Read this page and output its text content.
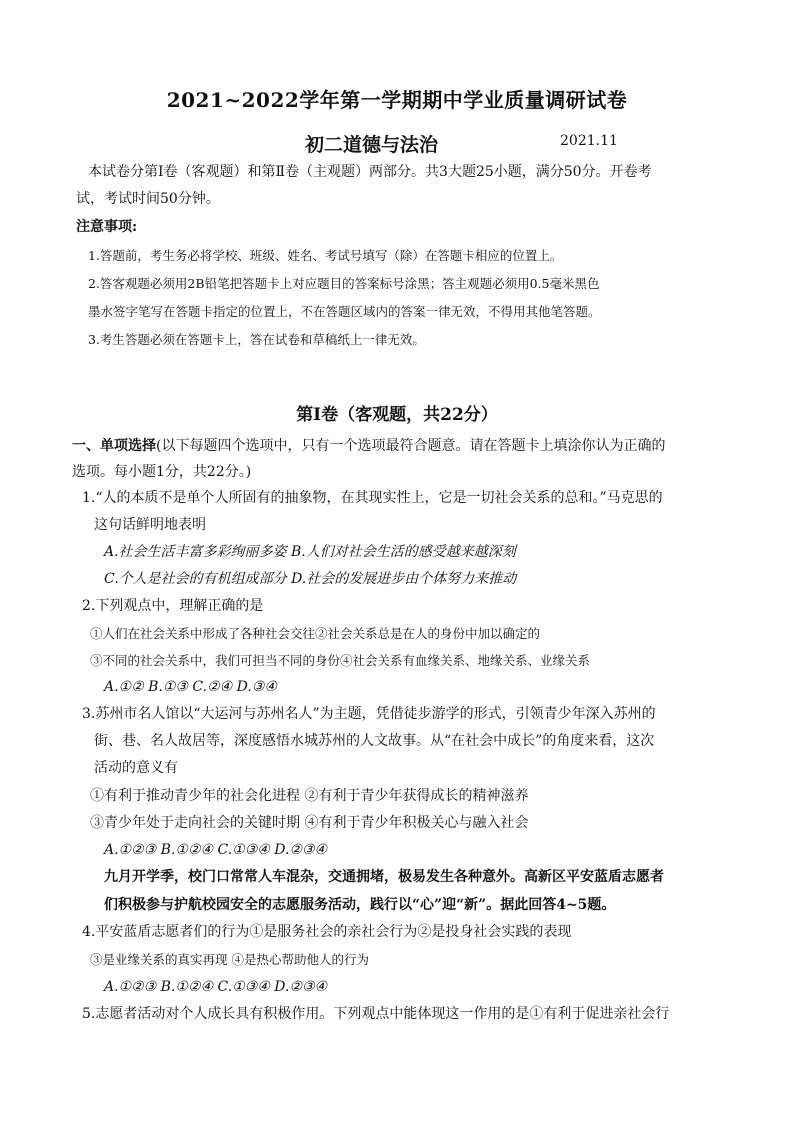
2021~2022学年第一学期期中学业质量调研试卷
初二道德与法治	2021.11
本试卷分第Ⅰ卷（客观题）和第Ⅱ卷（主观题）两部分。共3大题25小题，满分50分。开卷考
试，考试时间50分钟。
注意事项:
1.答题前，考生务必将学校、班级、姓名、考试号填写（除）在答题卡相应的位置上。
2.答客观题必须用2B铅笔把答题卡上对应题目的答案标号涂黑；答主观题必须用0.5毫米黑色
墨水签字笔写在答题卡指定的位置上，不在答题区域内的答案一律无效，不得用其他笔答题。
3.考生答题必须在答题卡上，答在试卷和草稿纸上一律无效。
第Ⅰ卷（客观题，共22分）
一、单项选择(以下每题四个选项中，只有一个选项最符合题意。请在答题卡上填涂你认为正确的
选项。每小题1分，共22分。)
1.“人的本质不是单个人所固有的抽象物，在其现实性上，它是一切社会关系的总和。”马克思的
这句话鲜明地表明
A.社会生活丰富多彩绚丽多姿 B.人们对社会生活的感受越来越深刻
C.个人是社会的有机组成部分 D.社会的发展进步由个体努力来推动
2.下列观点中，理解正确的是
①人们在社会关系中形成了各种社会交往②社会关系总是在人的身份中加以确定的
③不同的社会关系中，我们可担当不同的身份④社会关系有血缘关系、地缘关系、业缘关系
A.①② B.①③ C.②④ D.③④
3.苏州市名人馆以“大运河与苏州名人”为主题，凭借徒步游学的形式，引领青少年深入苏州的
街、巷、名人故居等，深度感悟水城苏州的人文故事。从“在社会中成长”的角度来看，这次
活动的意义有
①有利于推动青少年的社会化进程 ②有利于青少年获得成长的精神滋养
③青少年处于走向社会的关键时期 ④有利于青少年积极关心与融入社会
A.①②③ B.①②④ C.①③④ D.②③④
九月开学季，校门口常常人车混杂，交通拥堵，极易发生各种意外。高新区平安蓝盾志愿者
们积极参与护航校园安全的志愿服务活动，践行以“心”迎“新”。据此回答4~5题。
4.平安蓝盾志愿者们的行为①是服务社会的亲社会行为②是投身社会实践的表现
③是业缘关系的真实再现 ④是热心帮助他人的行为
A.①②③ B.①②④ C.①③④ D.②③④
5.志愿者活动对个人成长具有积极作用。下列观点中能体现这一作用的是①有利于促进亲社会行
